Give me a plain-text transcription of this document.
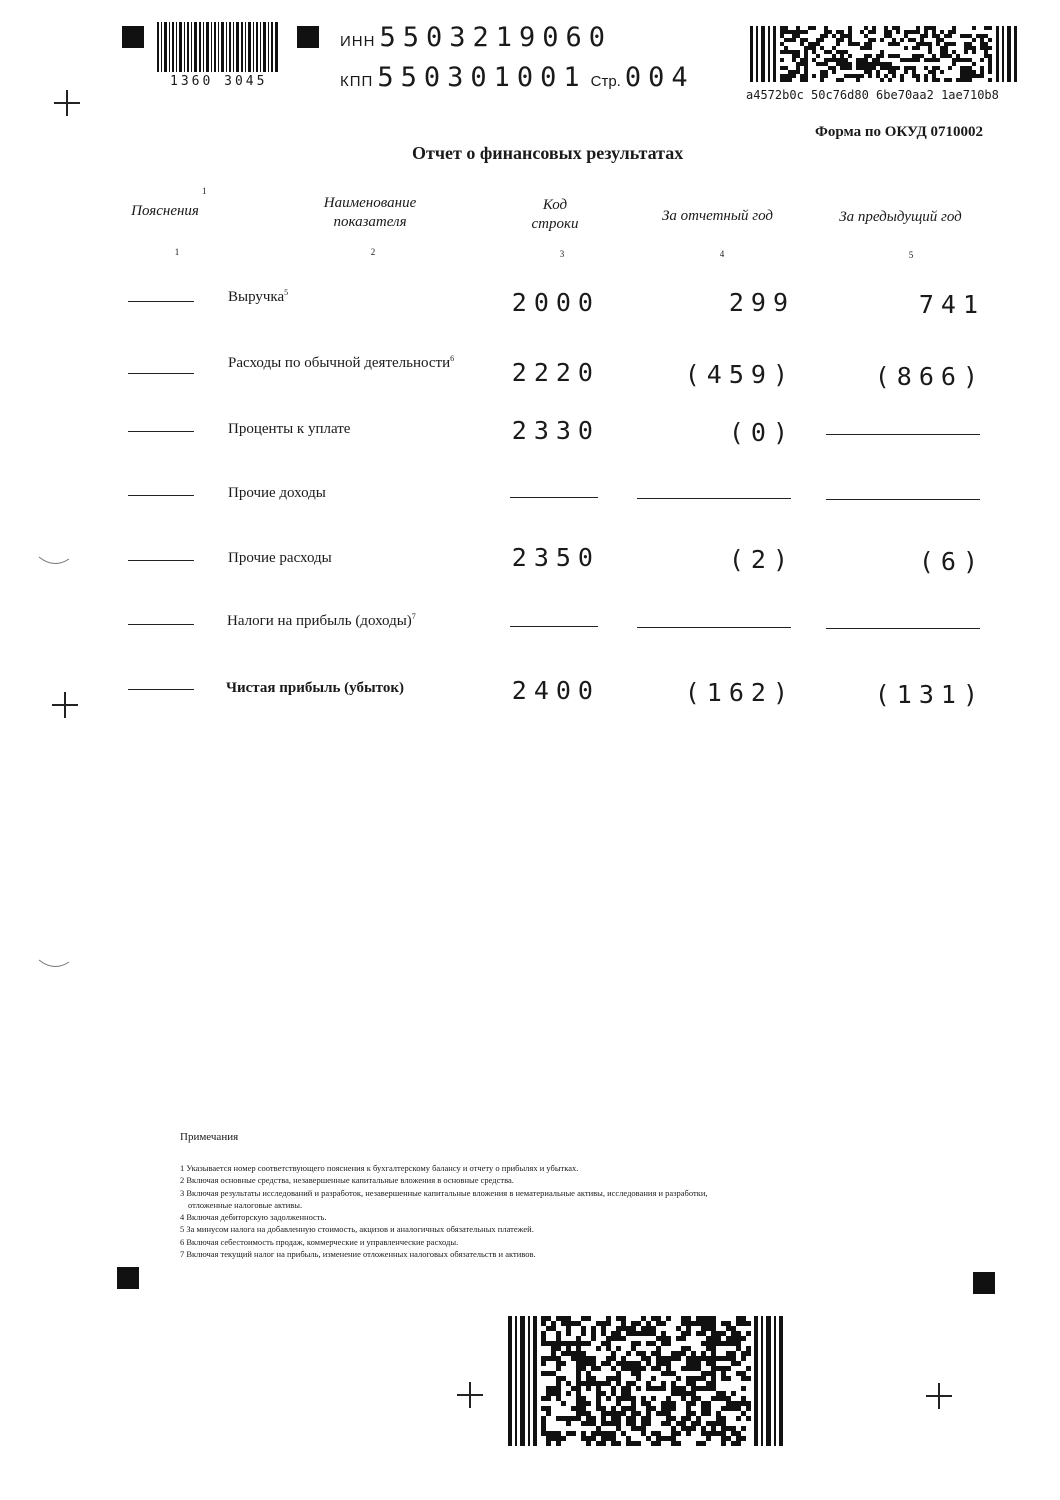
1360 3045
ИНН 5503219060
КПП 550301001 Стр. 004
a4572b0c 50c76d80 6be70aa2 1ae710b8
Форма по ОКУД 0710002
Отчет о финансовых результатах
Пояснения
1
Наименование показателя
Код строки	За отчетный год	За предыдущий год
1	2	3	4	5
Выручка$^5$	2000	299	741
Расходы по обычной деятельности$^6$	2220	(459)	(866)
Проценты к уплате	2330	(0)
Прочие доходы
Прочие расходы	2350	(2)	(6)
Налоги на прибыль (доходы)$^7$
Чистая прибыль (убыток)	2400	(162)	(131)
Примечания
1 Указывается номер соответствующего пояснения к бухгалтерскому балансу и отчету о прибылях и убытках.
2 Включая основные средства, незавершенные капитальные вложения в основные средства.
3 Включая результаты исследований и разработок, незавершенные капитальные вложения в нематериальные активы, исследования и разработки,
отложенные налоговые активы.
4 Включая дебиторскую задолженность.
5 За минусом налога на добавленную стоимость, акцизов и аналогичных обязательных платежей.
6 Включая себестоимость продаж, коммерческие и управленческие расходы.
7 Включая текущий налог на прибыль, изменение отложенных налоговых обязательств и активов.
